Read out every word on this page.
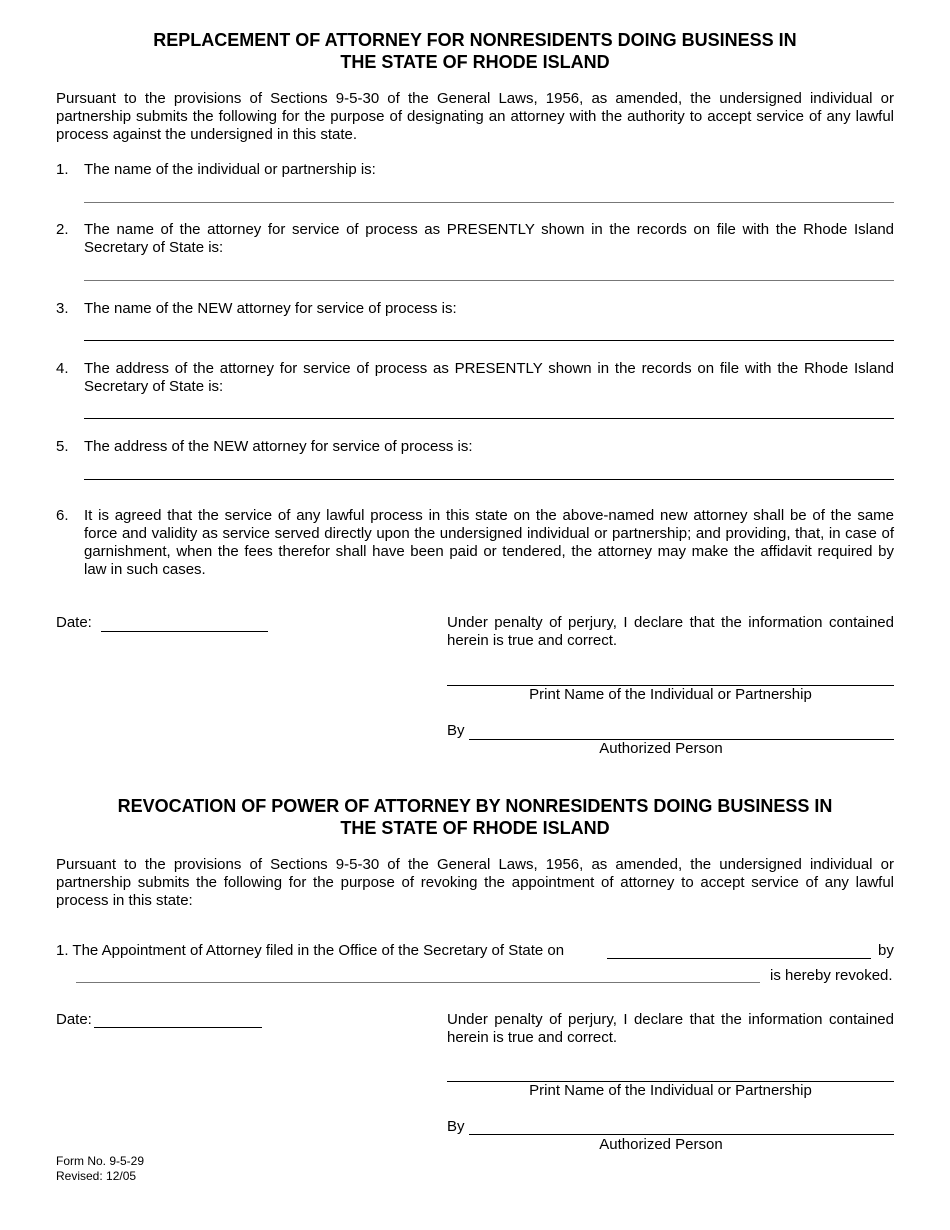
REPLACEMENT OF ATTORNEY FOR NONRESIDENTS DOING BUSINESS IN
THE STATE OF RHODE ISLAND
Pursuant to the provisions of Sections 9-5-30 of the General Laws, 1956, as amended, the undersigned individual or partnership submits the following for the purpose of designating an attorney with the authority to accept service of any lawful process against the undersigned in this state.
1.	The name of the individual or partnership is:
2.	The name of the attorney for service of process as PRESENTLY shown in the records on file with the Rhode Island Secretary of State is:
3.	The name of the NEW attorney for service of process is:
4.	The address of the attorney for service of process as PRESENTLY shown in the records on file with the Rhode Island Secretary of State is:
5.	The address of the NEW attorney for service of process is:
6.	It is agreed that the service of any lawful process in this state on the above-named new attorney shall be of the same force and validity as service served directly upon the undersigned individual or partnership; and providing, that, in case of garnishment, when the fees therefor shall have been paid or tendered, the attorney may make the affidavit required by law in such cases.
Date:	Under penalty of perjury, I declare that the information contained herein is true and correct.
Print Name of the Individual or Partnership
By
Authorized Person
REVOCATION OF POWER OF ATTORNEY BY NONRESIDENTS DOING BUSINESS IN
THE STATE OF RHODE ISLAND
Pursuant to the provisions of Sections 9-5-30 of the General Laws, 1956, as amended, the undersigned individual or partnership submits the following for the purpose of revoking the appointment of attorney to accept service of any lawful process in this state:
1. The Appointment of Attorney filed in the Office of the Secretary of State on	by
is hereby revoked.
Date:	Under penalty of perjury, I declare that the information contained herein is true and correct.
Print Name of the Individual or Partnership
By
Authorized Person
Form No. 9-5-29
Revised: 12/05
